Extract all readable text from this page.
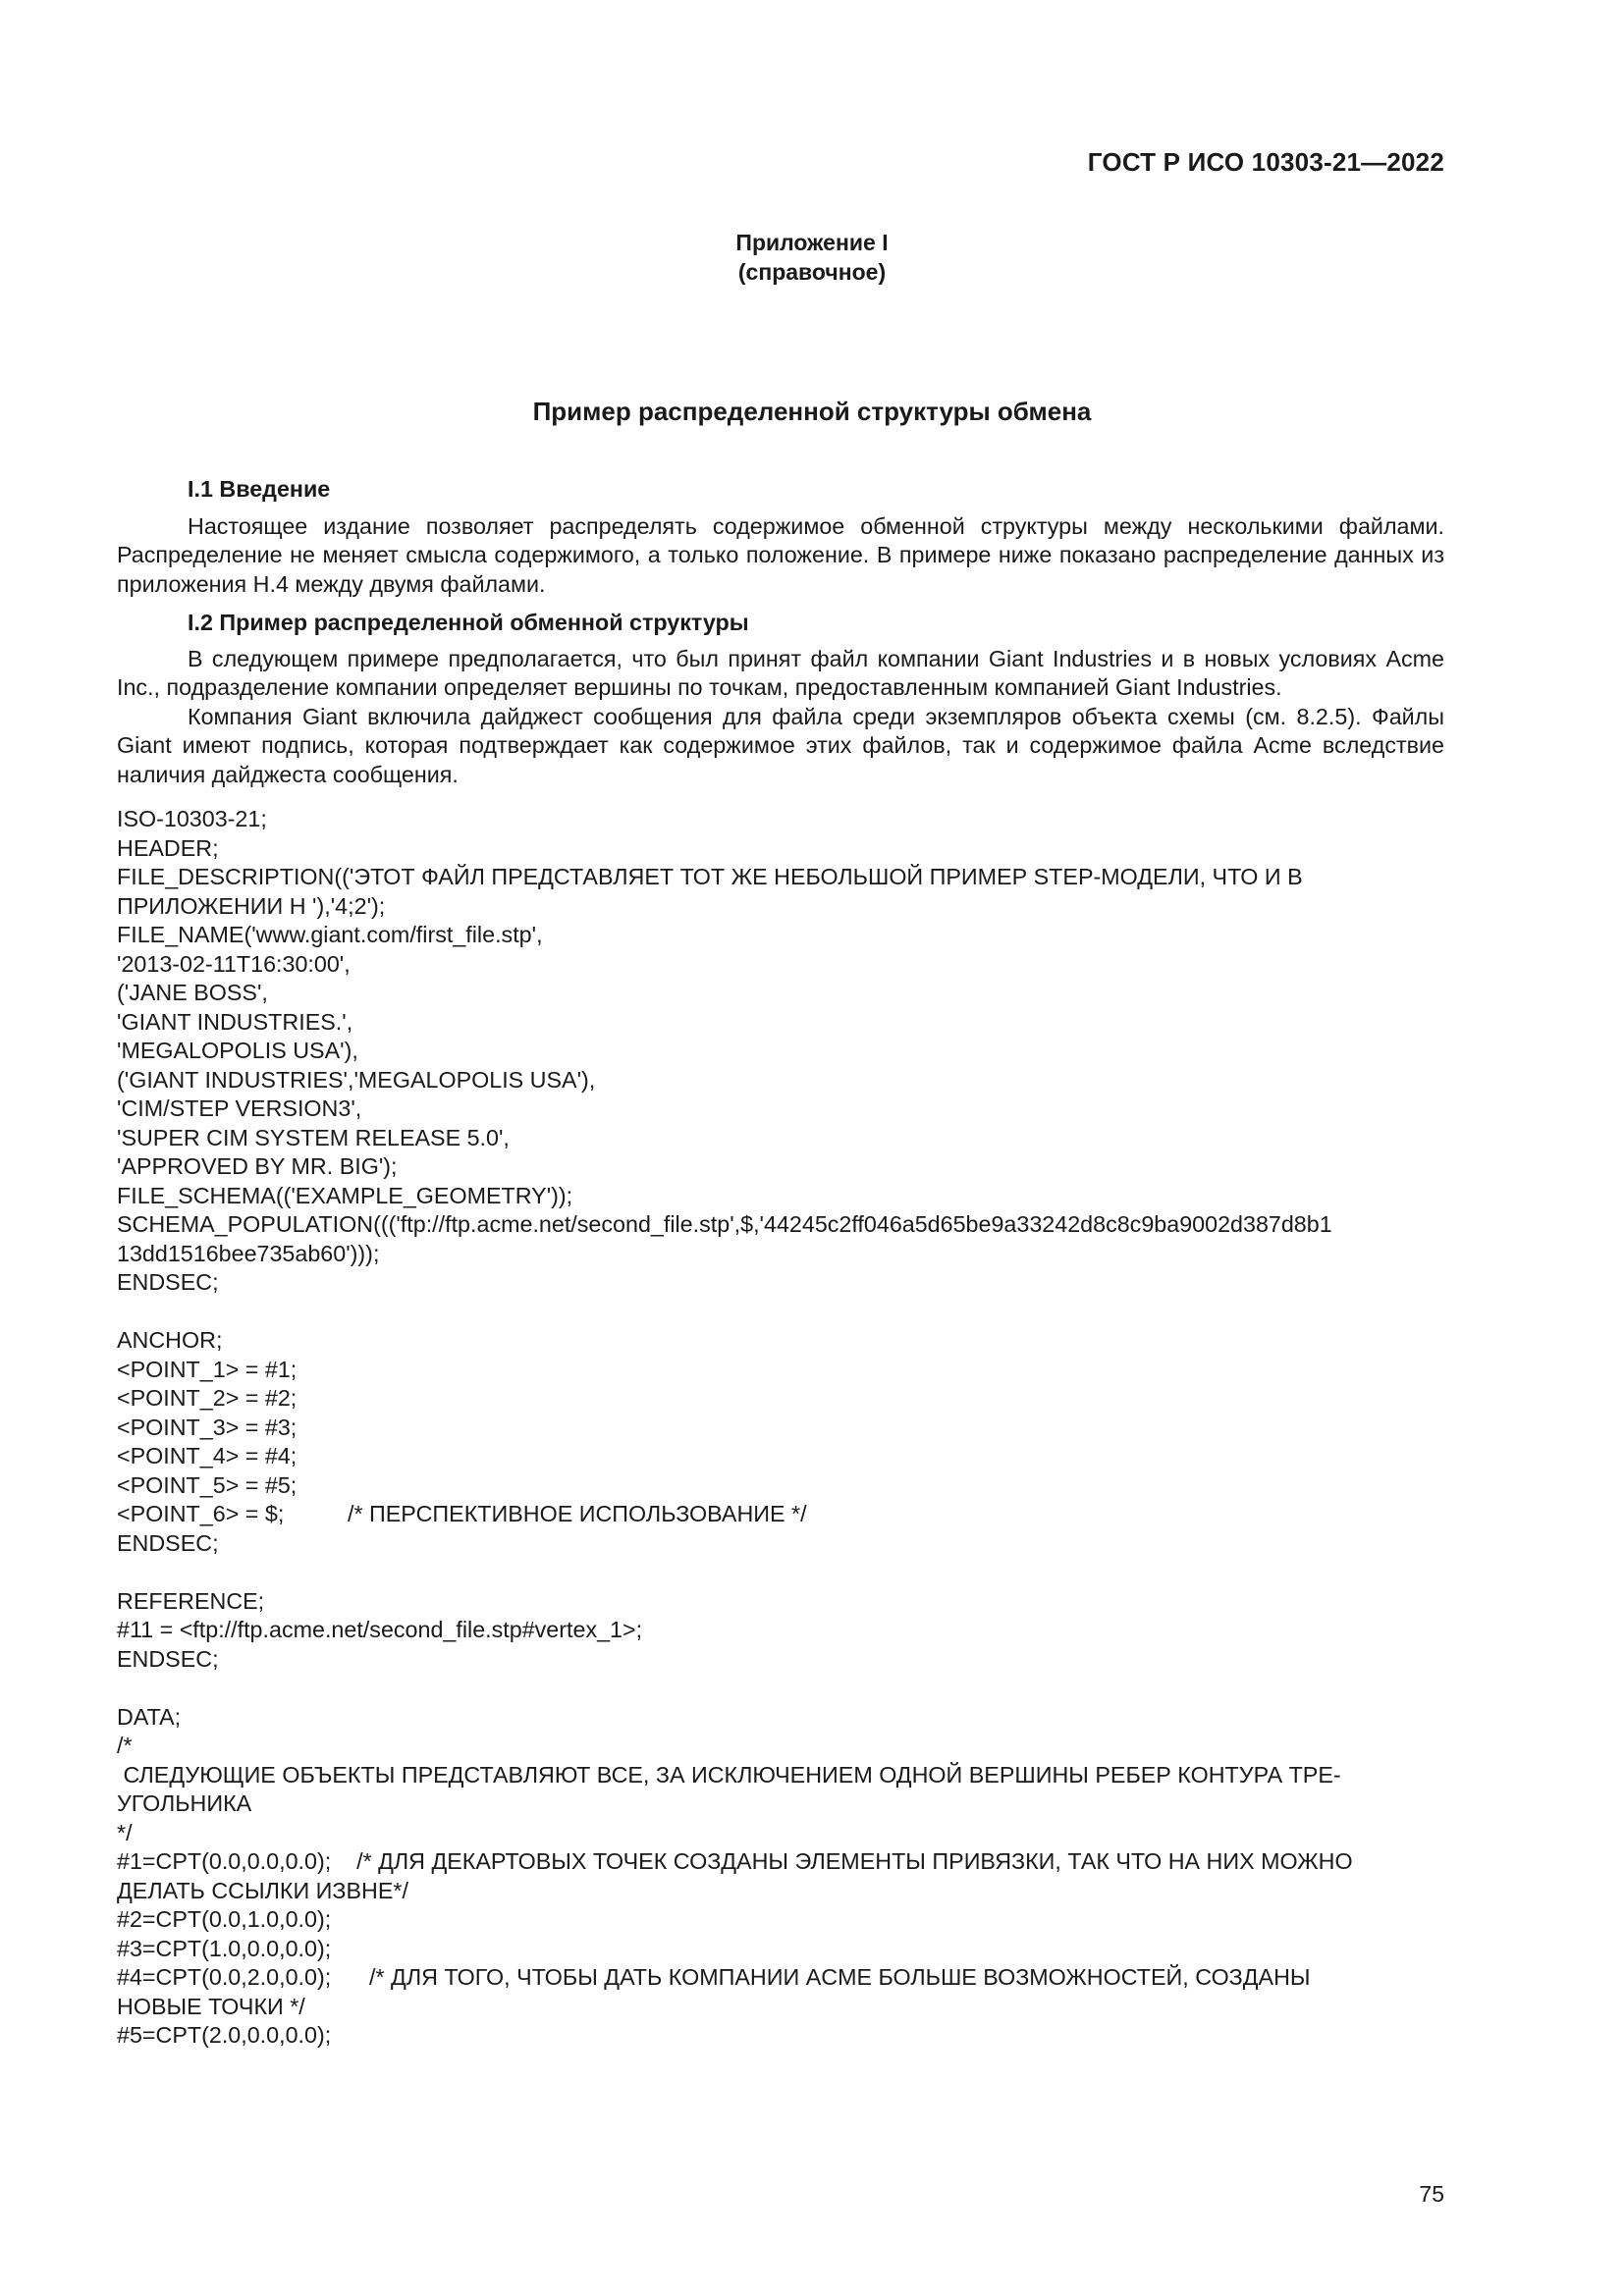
ГОСТ Р ИСО 10303-21—2022
Приложение I
(справочное)
Пример распределенной структуры обмена
I.1 Введение

Настоящее издание позволяет распределять содержимое обменной структуры между несколькими файлами. Распределение не меняет смысла содержимого, а только положение. В примере ниже показано распределение данных из приложения Н.4 между двумя файлами.

I.2 Пример распределенной обменной структуры

В следующем примере предполагается, что был принят файл компании Giant Industries и в новых условиях Acme Inc., подразделение компании определяет вершины по точкам, предоставленным компанией Giant Industries.

Компания Giant включила дайджест сообщения для файла среди экземпляров объекта схемы (см. 8.2.5). Файлы Giant имеют подпись, которая подтверждает как содержимое этих файлов, так и содержимое файла Acme вследствие наличия дайджеста сообщения.

ISO-10303-21;
HEADER;
FILE_DESCRIPTION(('ЭТОТ ФАЙЛ ПРЕДСТАВЛЯЕТ ТОТ ЖЕ НЕБОЛЬШОЙ ПРИМЕР STEP-МОДЕЛИ, ЧТО И В
ПРИЛОЖЕНИИ Н '),'4;2');
FILE_NAME('www.giant.com/first_file.stp',
'2013-02-11T16:30:00',
('JANE BOSS',
'GIANT INDUSTRIES.',
'MEGALOPOLIS USA'),
('GIANT INDUSTRIES','MEGALOPOLIS USA'),
'CIM/STEP VERSION3',
'SUPER CIM SYSTEM RELEASE 5.0',
'APPROVED BY MR. BIG');
FILE_SCHEMA(('EXAMPLE_GEOMETRY'));
SCHEMA_POPULATION((('ftp://ftp.acme.net/second_file.stp',$,'44245c2ff046a5d65be9a33242d8c8c9ba9002d387d8b1
13dd1516bee735ab60')));
ENDSEC;
ANCHOR;
<POINT_1> = #1;
<POINT_2> = #2;
<POINT_3> = #3;
<POINT_4> = #4;
<POINT_5> = #5;
<POINT_6> = $;          /* ПЕРСПЕКТИВНОЕ ИСПОЛЬЗОВАНИЕ */
ENDSEC;
REFERENCE;
#11 = <ftp://ftp.acme.net/second_file.stp#vertex_1>;
ENDSEC;
DATA;
/*
СЛЕДУЮЩИЕ ОБЪЕКТЫ ПРЕДСТАВЛЯЮТ ВСЕ, ЗА ИСКЛЮЧЕНИЕМ ОДНОЙ ВЕРШИНЫ РЕБЕР КОНТУРА ТРЕ-
УГОЛЬНИКА
*/
#1=CPT(0.0,0.0,0.0);    /* ДЛЯ ДЕКАРТОВЫХ ТОЧЕК СОЗДАНЫ ЭЛЕМЕНТЫ ПРИВЯЗКИ, ТАК ЧТО НА НИХ МОЖНО
ДЕЛАТЬ ССЫЛКИ ИЗВНЕ*/
#2=CPT(0.0,1.0,0.0);
#3=CPT(1.0,0.0,0.0);
#4=CPT(0.0,2.0,0.0);      /* ДЛЯ ТОГО, ЧТОБЫ ДАТЬ КОМПАНИИ ACME БОЛЬШЕ ВОЗМОЖНОСТЕЙ, СОЗДАНЫ
НОВЫЕ ТОЧКИ */
#5=CPT(2.0,0.0,0.0);
75
